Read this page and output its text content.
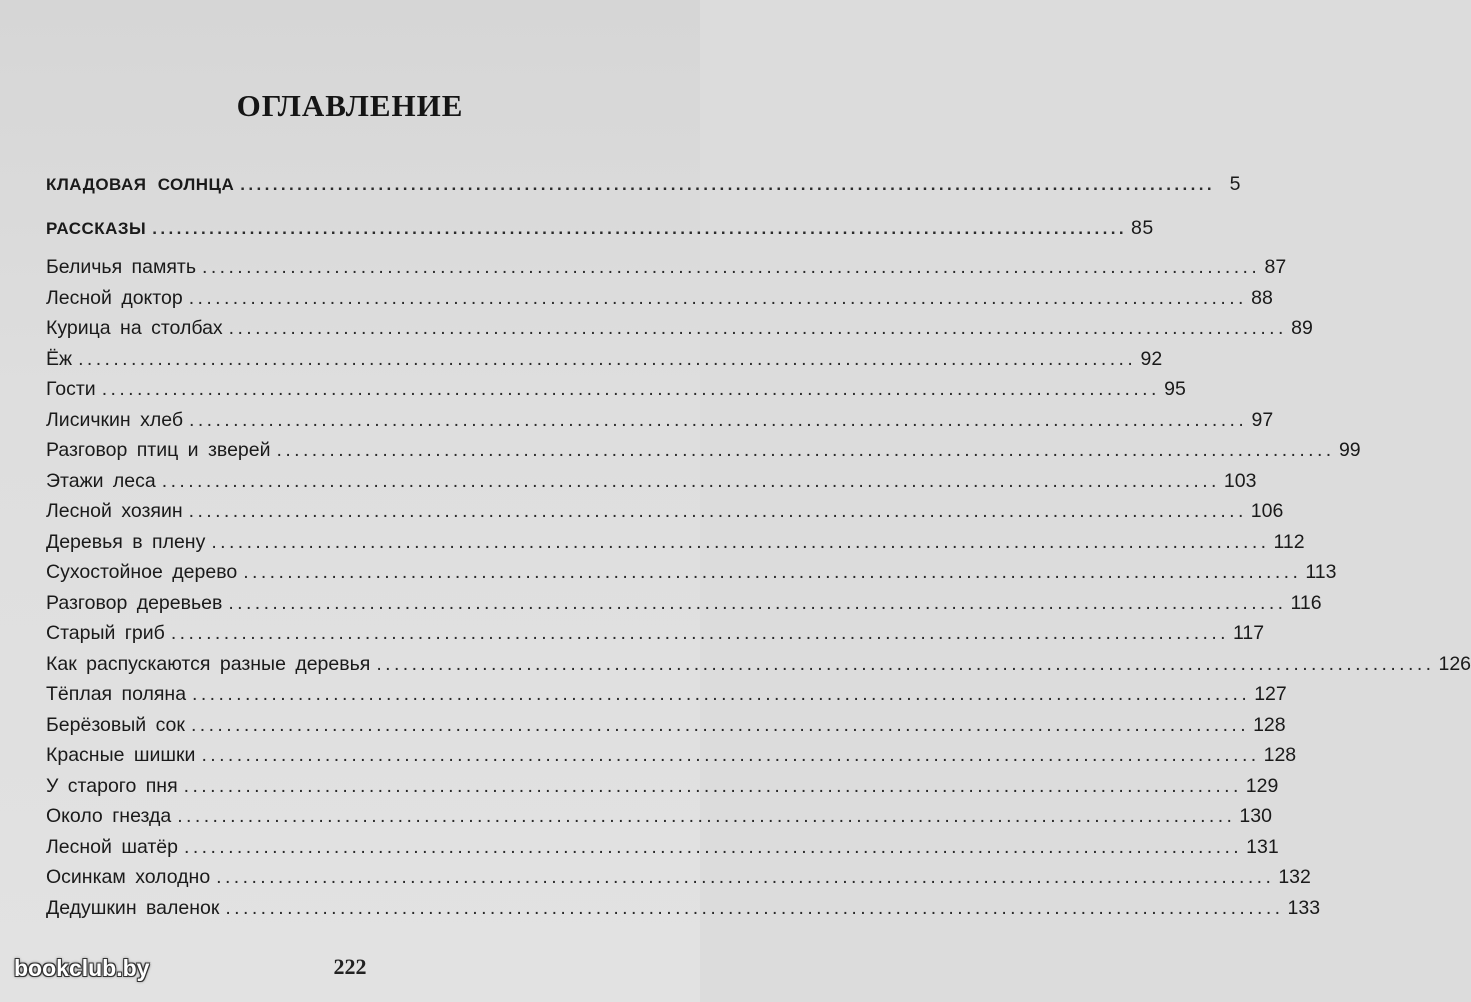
ОГЛАВЛЕНИЕ
КЛАДОВАЯ СОЛНЦА ........................................................................................................................ 5
РАССКАЗЫ ........................................................................................................................ 85
Беличья память ........................................................................................................................ 87
Лесной доктор ........................................................................................................................ 88
Курица на столбах ........................................................................................................................ 89
Ёж ........................................................................................................................ 92
Гости ........................................................................................................................ 95
Лисичкин хлеб ........................................................................................................................ 97
Разговор птиц и зверей ........................................................................................................................ 99
Этажи леса ........................................................................................................................ 103
Лесной хозяин ........................................................................................................................ 106
Деревья в плену ........................................................................................................................ 112
Сухостойное дерево ........................................................................................................................ 113
Разговор деревьев ........................................................................................................................ 116
Старый гриб ........................................................................................................................ 117
Как распускаются разные деревья ........................................................................................................................ 126
Тёплая поляна ........................................................................................................................ 127
Берёзовый сок ........................................................................................................................ 128
Красные шишки ........................................................................................................................ 128
У старого пня ........................................................................................................................ 129
Около гнезда ........................................................................................................................ 130
Лесной шатёр ........................................................................................................................ 131
Осинкам холодно ........................................................................................................................ 132
Дедушкин валенок ........................................................................................................................ 133
222
bookclub.by
